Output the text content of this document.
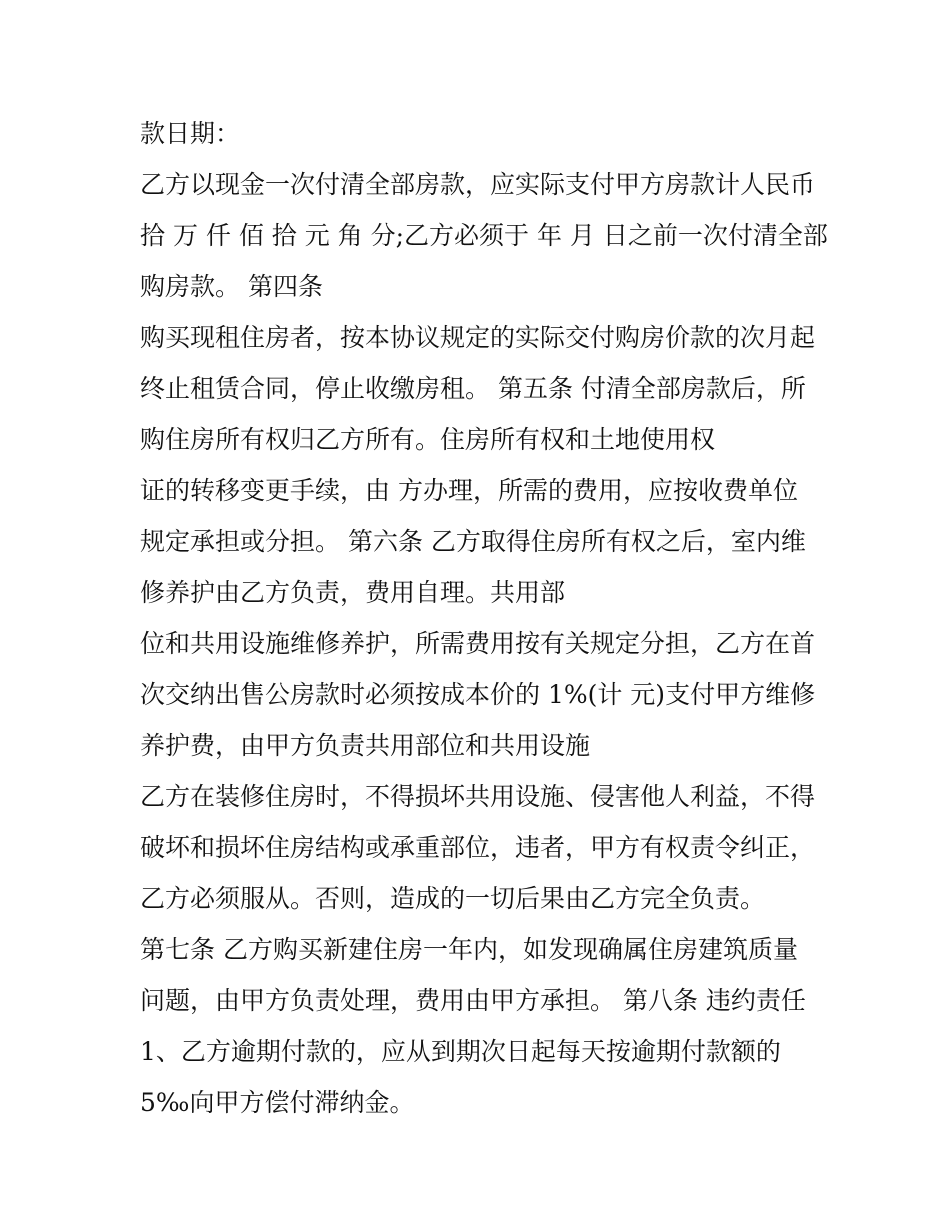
款日期：
乙方以现金一次付清全部房款，应实际支付甲方房款计人民币
拾 万 仟 佰 拾 元 角 分;乙方必须于 年 月 日之前一次付清全部
购房款。 第四条
购买现租住房者，按本协议规定的实际交付购房价款的次月起
终止租赁合同，停止收缴房租。 第五条 付清全部房款后，所
购住房所有权归乙方所有。住房所有权和土地使用权
证的转移变更手续，由 方办理，所需的费用，应按收费单位
规定承担或分担。 第六条 乙方取得住房所有权之后，室内维
修养护由乙方负责，费用自理。共用部
位和共用设施维修养护，所需费用按有关规定分担，乙方在首
次交纳出售公房款时必须按成本价的 1%(计 元)支付甲方维修
养护费，由甲方负责共用部位和共用设施
乙方在装修住房时，不得损坏共用设施、侵害他人利益，不得
破坏和损坏住房结构或承重部位，违者，甲方有权责令纠正，
乙方必须服从。否则，造成的一切后果由乙方完全负责。
第七条 乙方购买新建住房一年内，如发现确属住房建筑质量
问题，由甲方负责处理，费用由甲方承担。 第八条 违约责任
1、乙方逾期付款的，应从到期次日起每天按逾期付款额的
5‰向甲方偿付滞纳金。
